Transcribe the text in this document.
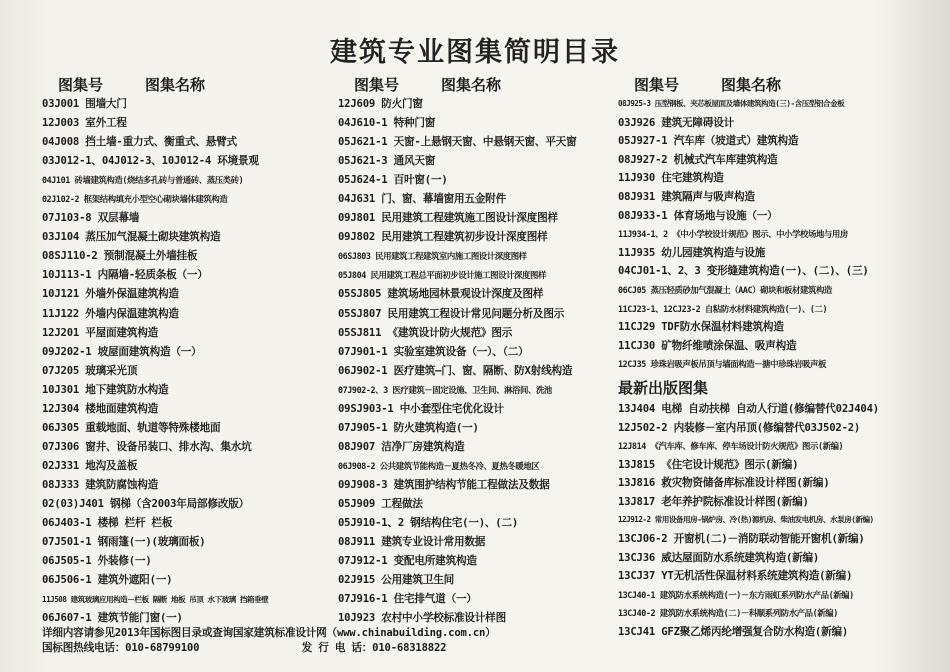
建筑专业图集简明目录
图集号	图集名称
03J001 围墙大门
12J003 室外工程
04J008 挡土墙-重力式、衡重式、悬臂式
03J012-1、04J012-3、10J012-4 环境景观
04J101 砖墙建筑构造(烧结多孔砖与普通砖、蒸压类砖)
02J102-2 框架结构填充小型空心砌块墙体建筑构造
07J103-8 双层幕墙
03J104 蒸压加气混凝土砌块建筑构造
08SJ110-2 预制混凝土外墙挂板
10J113-1 内隔墙-轻质条板（一）
10J121 外墙外保温建筑构造
11J122 外墙内保温建筑构造
12J201 平屋面建筑构造
09J202-1 坡屋面建筑构造（一）
07J205 玻璃采光顶
10J301 地下建筑防水构造
12J304 楼地面建筑构造
06J305 重载地面、轨道等特殊楼地面
07J306 窗井、设备吊装口、排水沟、集水坑
02J331 地沟及盖板
08J333 建筑防腐蚀构造
02(03)J401 钢梯（含2003年局部修改版）
06J403-1 楼梯 栏杆 栏板
07J501-1 钢雨篷(一)(玻璃面板)
06J505-1 外装修(一)
06J506-1 建筑外遮阳(一)
11J508 建筑玻璃应用构造－栏板 隔断 地板 吊顶 水下玻璃 挡箱垂壁
06J607-1 建筑节能门窗(一)
图集号	图集名称
12J609 防火门窗
04J610-1 特种门窗
05J621-1 天窗-上悬钢天窗、中悬钢天窗、平天窗
05J621-3 通风天窗
05J624-1 百叶窗(一)
04J631 门、窗、幕墙窗用五金附件
09J801 民用建筑工程建筑施工图设计深度图样
09J802 民用建筑工程建筑初步设计深度图样
06SJ803 民用建筑工程建筑室内施工图设计深度图样
05J804 民用建筑工程总平面初步设计施工图设计深度图样
05SJ805 建筑场地园林景观设计深度及图样
05SJ807 民用建筑工程设计常见问题分析及图示
05SJ811 《建筑设计防火规范》图示
07J901-1 实验室建筑设备（一）、（二）
06J902-1 医疗建筑—门、窗、隔断、防X射线构造
07J902-2、3 医疗建筑－固定设施、卫生间、淋浴间、洗池
09SJ903-1 中小套型住宅优化设计
07J905-1 防火建筑构造(一)
08J907 洁净厂房建筑构造
06J908-2 公共建筑节能构造－夏热冬冷、夏热冬暖地区
09J908-3 建筑围护结构节能工程做法及数据
05J909 工程做法
05J910-1、2 钢结构住宅(一)、(二)
08J911 建筑专业设计常用数据
07J912-1 变配电所建筑构造
02J915 公用建筑卫生间
07J916-1 住宅排气道（一）
10J923 农村中小学校标准设计样图
图集号	图集名称
08J925-3 压型钢板、夹芯板屋面及墙体建筑构造(三)-含压型铝合金板
03J926 建筑无障碍设计
05J927-1 汽车库（坡道式）建筑构造
08J927-2 机械式汽车库建筑构造
11J930 住宅建筑构造
08J931 建筑隔声与吸声构造
08J933-1 体育场地与设施（一）
11J934-1、2 《中小学校设计规范》图示、中小学校场地与用房
11J935 幼儿园建筑构造与设施
04CJ01-1、2、3 变形缝建筑构造(一)、(二)、(三)
06CJ05 蒸压轻质砂加气混凝土（AAC）砌块和板材建筑构造
11CJ23-1、12CJ23-2 自粘防水材料建筑构造(一)、(二)
11CJ29 TDF防水保温材料建筑构造
11CJ30 矿物纤维喷涂保温、吸声构造
12CJ35 珍珠岩吸声板吊顶与墙面构造－搪中珍珠岩吸声板
最新出版图集
13J404 电梯 自动扶梯 自动人行道(修编替代02J404)
12J502-2 内装修－室内吊顶(修编替代03J502-2)
12J814 《汽车库、修车库、停车场设计防火规范》图示(新编)
13J815 《住宅设计规范》图示(新编)
13J816 救灾物资储备库标准设计样图(新编)
13J817 老年养护院标准设计样图(新编)
12J912-2 常用设备用房-锅炉房、冷(热)源机房、柴油发电机房、水泵房(新编)
13CJ06-2 开窗机(二)－消防联动智能开窗机(新编)
13CJ36 威达屋面防水系统建筑构造(新编)
13CJ37 YT无机活性保温材料系统建筑构造(新编)
13CJ40-1 建筑防水系统构造(一)－东方雨虹系列防水产品(新编)
13CJ40-2 建筑防水系统构造(二)－科顺系列防水产品(新编)
13CJ41 GFZ聚乙烯丙纶增强复合防水构造(新编)
详细内容请参见2013年国标图目录或查询国家建筑标准设计网（www.chinabuilding.com.cn）
国标图热线电话：010-68799100	发 行 电 话：010-68318822
